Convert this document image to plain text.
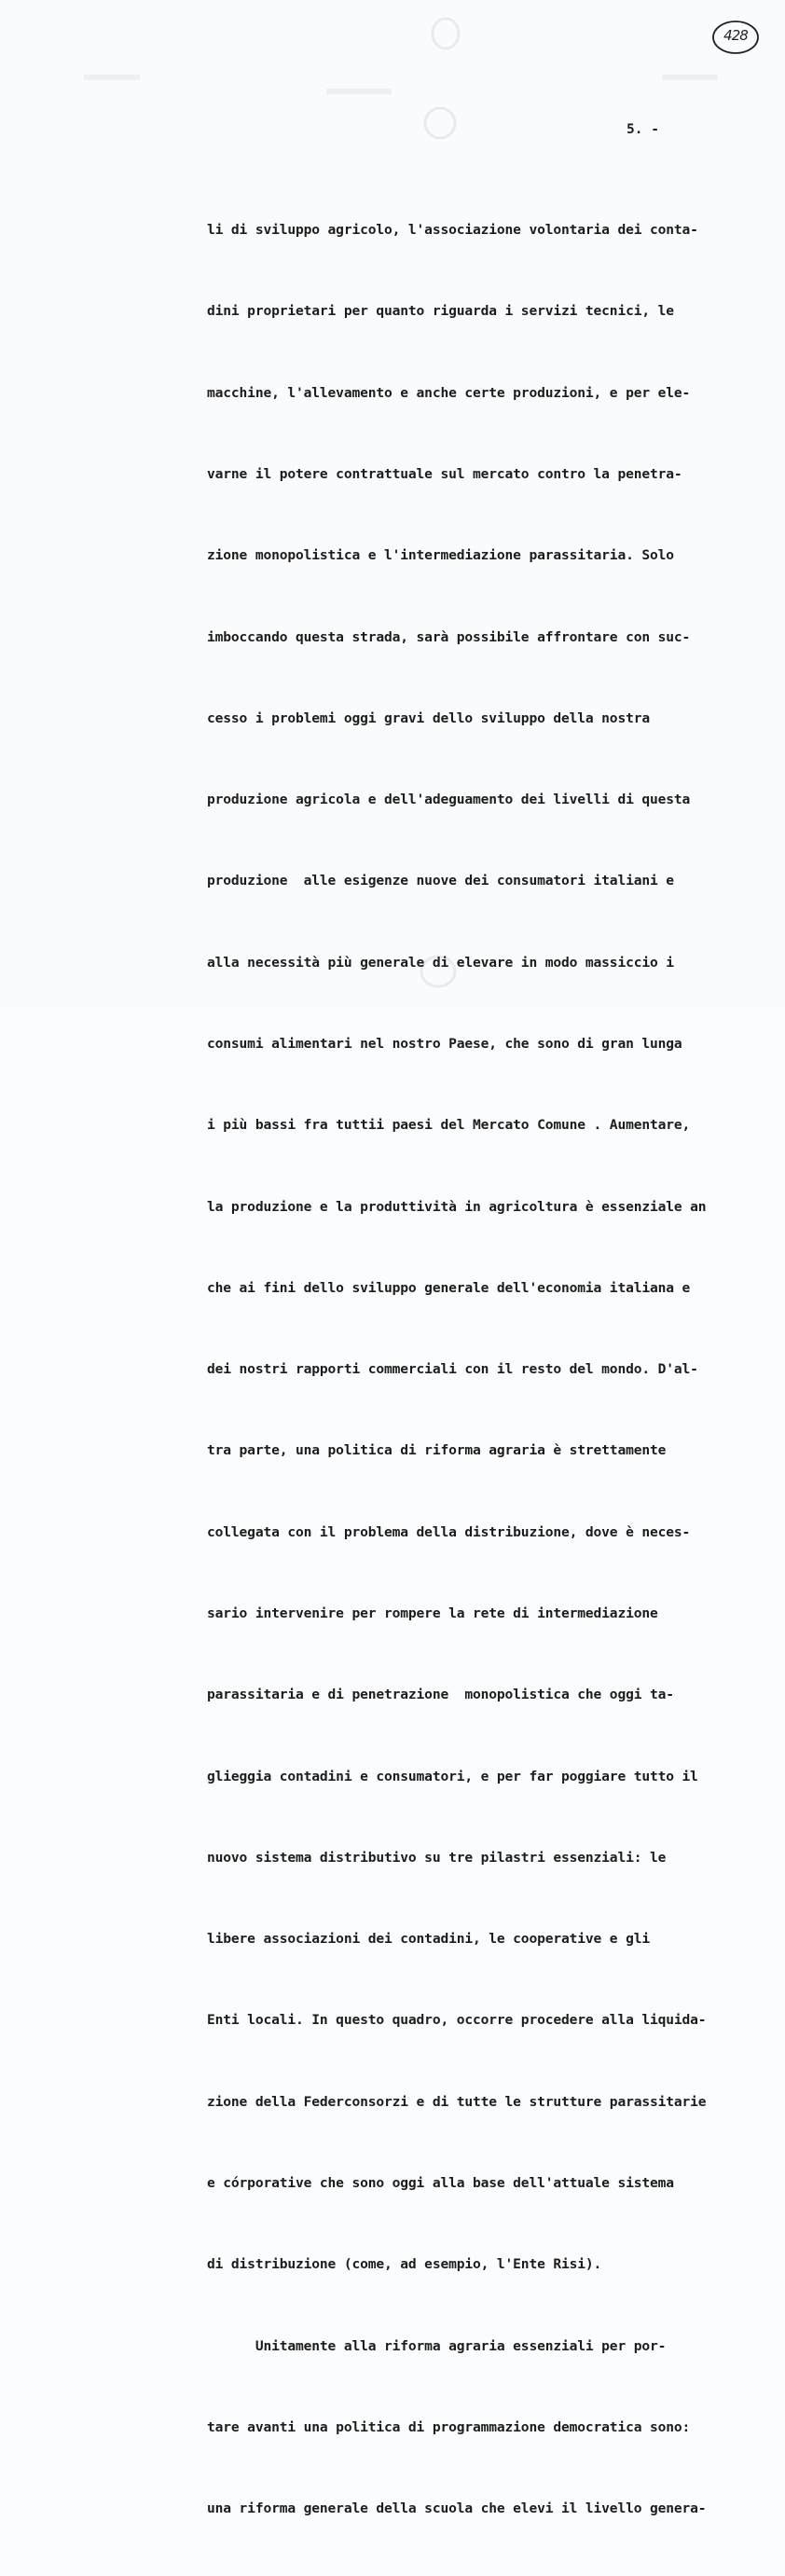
428
5. -

li di sviluppo agricolo, l'associazione volontaria dei conta-

dini proprietari per quanto riguarda i servizi tecnici, le

macchine, l'allevamento e anche certe produzioni, e per ele-

varne il potere contrattuale sul mercato contro la penetra-

zione monopolistica e l'intermediazione parassitaria. Solo

imboccando questa strada, sarà possibile affrontare con suc-

cesso i problemi oggi gravi dello sviluppo della nostra

produzione agricola e dell'adeguamento dei livelli di questa

produzione  alle esigenze nuove dei consumatori italiani e

alla necessità più generale di elevare in modo massiccio i

consumi alimentari nel nostro Paese, che sono di gran lunga

i più bassi fra tuttii paesi del Mercato Comune . Aumentare,

la produzione e la produttività in agricoltura è essenziale an

che ai fini dello sviluppo generale dell'economia italiana e

dei nostri rapporti commerciali con il resto del mondo. D'al-

tra parte, una politica di riforma agraria è strettamente

collegata con il problema della distribuzione, dove è neces-

sario intervenire per rompere la rete di intermediazione

parassitaria e di penetrazione  monopolistica che oggi ta-

glieggia contadini e consumatori, e per far poggiare tutto il

nuovo sistema distributivo su tre pilastri essenziali: le

libere associazioni dei contadini, le cooperative e gli

Enti locali. In questo quadro, occorre procedere alla liquida-

zione della Federconsorzi e di tutte le strutture parassitarie

e córporative che sono oggi alla base dell'attuale sistema

di distribuzione (come, ad esempio, l'Ente Risi).

Unitamente alla riforma agraria essenziali per por-

tare avanti una politica di programmazione democratica sono:

una riforma generale della scuola che elevi il livello genera-
